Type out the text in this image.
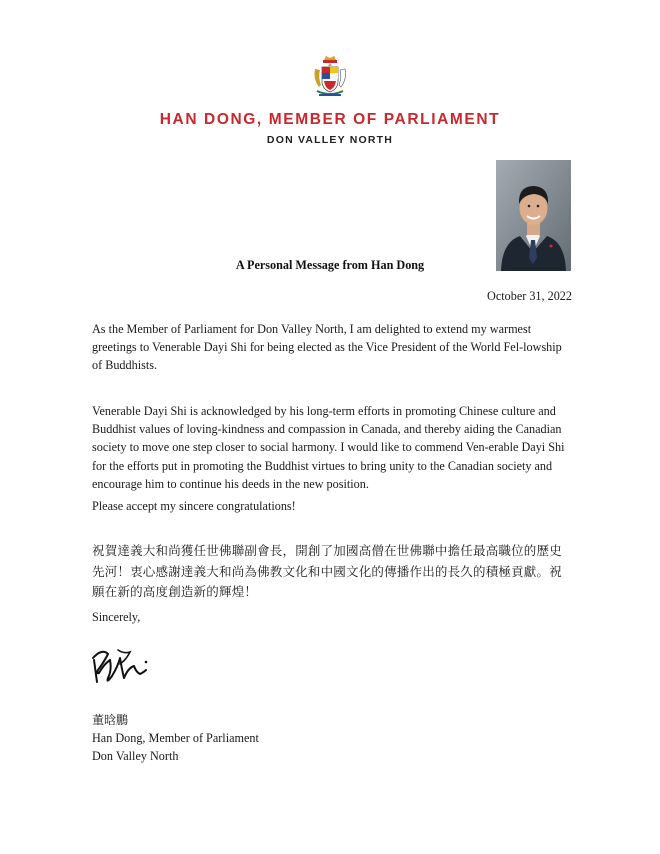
HAN DONG, MEMBER OF PARLIAMENT
DON VALLEY NORTH
A Personal Message from Han Dong
October 31, 2022
As the Member of Parliament for Don Valley North, I am delighted to extend my warmest greetings to Venerable Dayi Shi for being elected as the Vice President of the World Fel-lowship of Buddhists.
Venerable Dayi Shi is acknowledged by his long-term efforts in promoting Chinese culture and Buddhist values of loving-kindness and compassion in Canada, and thereby aiding the Canadian society to move one step closer to social harmony. I would like to commend Ven-erable Dayi Shi for the efforts put in promoting the Buddhist virtues to bring unity to the Canadian society and encourage him to continue his deeds in the new position.
Please accept my sincere congratulations!
祝賀達義大和尚獲任世佛聯副會長，開創了加國高僧在世佛聯中擔任最高職位的歷史先河！衷心感謝達義大和尚為佛教文化和中國文化的傳播作出的長久的積極貢獻。祝願在新的高度創造新的輝煌！
Sincerely,
董晗鵬
Han Dong, Member of Parliament
Don Valley North
